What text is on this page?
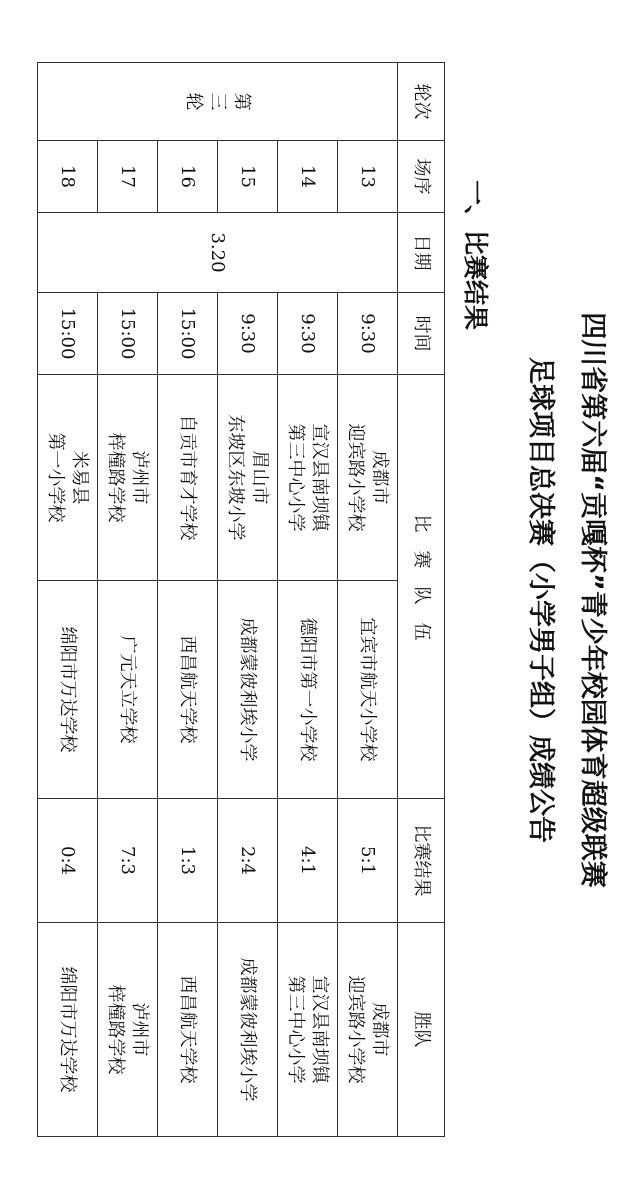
四川省第六届“贡嘎杯”青少年校园体育超级联赛
足球项目总决赛（小学男子组）成绩公告
一、比赛结果
轮次	场序	日期	时间	比赛队伍		比赛结果	胜队

第
三
轮	13	3.20	9:30	成都市
迎宾路小学校	宜宾市航天小学校	5:1	成都市
迎宾路小学校

	14		9:30	宣汉县南坝镇
第三中心小学	德阳市第一小学校	4:1	宣汉县南坝镇
第三中心小学

	15		9:30	眉山市
东坡区东坡小学	成都蒙彼利埃小学	2:4	成都蒙彼利埃小学
	16		15:00	自贡市育才学校	西昌航天学校	1:3	西昌航天学校
	17		15:00	泸州市
梓橦路学校	广元天立学校	7:3	泸州市
梓橦路学校

	18		15:00	米易县
第一小学校	绵阳市万达学校	0:4	绵阳市万达学校
